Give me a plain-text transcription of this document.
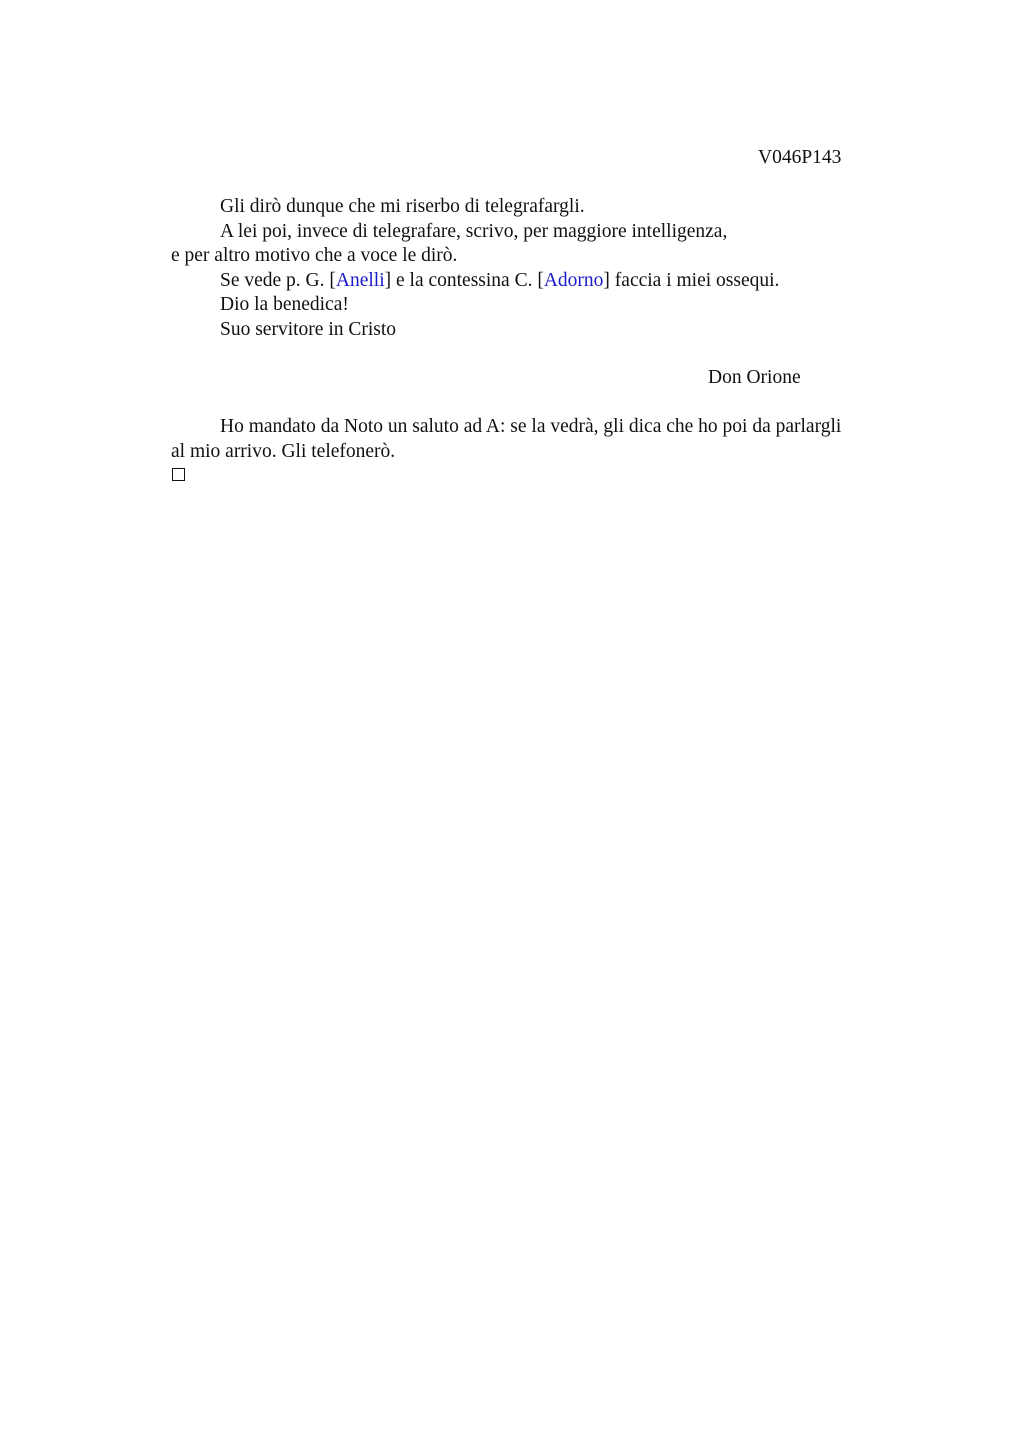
V046P143

Gli dirò dunque che mi riserbo di telegrafargli.

A lei poi, invece di telegrafare, scrivo, per maggiore intelligenza,

e per altro motivo che a voce le dirò.

Se vede p. G. [Anelli] e la contessina C. [Adorno] faccia i miei ossequi.

Dio la benedica!

Suo servitore in Cristo

Don Orione

Ho mandato da Noto un saluto ad A: se la vedrà, gli dica che ho poi da parlargli

al mio arrivo. Gli telefonerò.
